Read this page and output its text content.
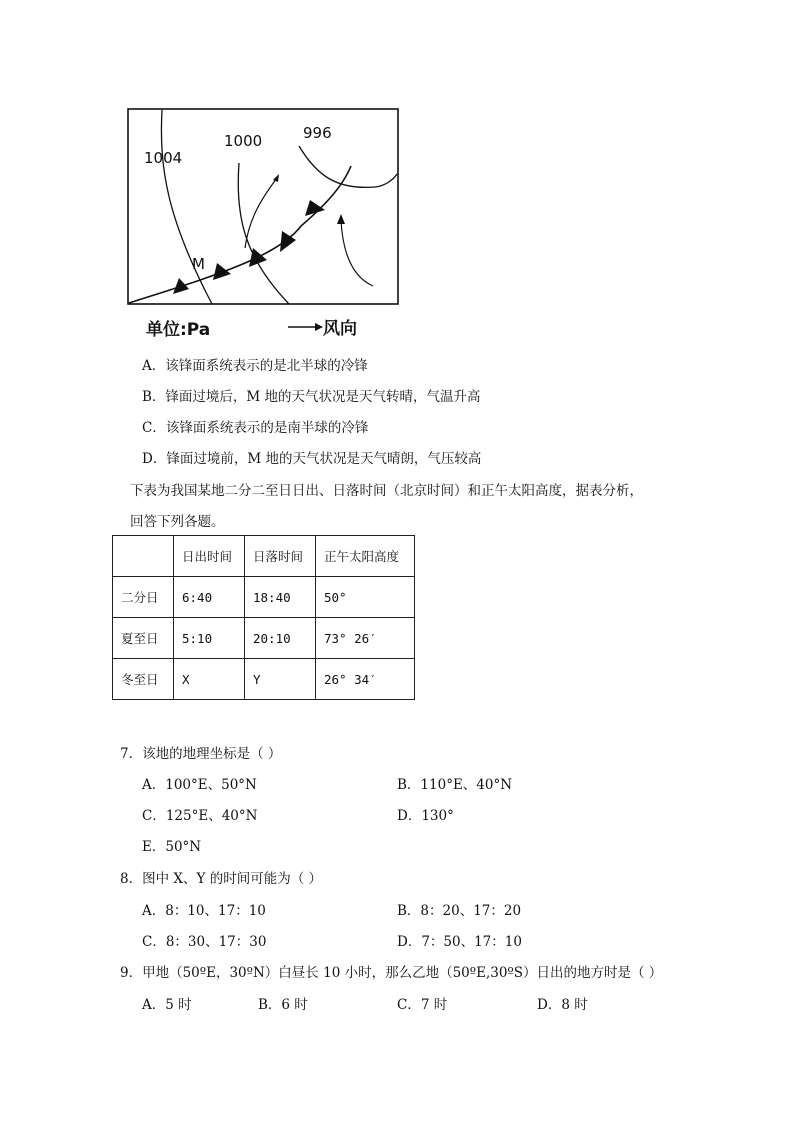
1004
1000	996
M
单位:Pa	风向
A．该锋面系统表示的是北半球的冷锋
B．锋面过境后，M 地的天气状况是天气转晴，气温升高
C．该锋面系统表示的是南半球的冷锋
D．锋面过境前，M 地的天气状况是天气晴朗，气压较高
下表为我国某地二分二至日日出、日落时间（北京时间）和正午太阳高度，据表分析，
回答下列各题。
	日出时间	日落时间	正午太阳高度
二分日	6:40	18:40	50°
夏至日	5:10	20:10	73° 26′
冬至日	X	Y	26° 34′
7．该地的地理坐标是（ ）
A．100°E、50°N	B．110°E、40°N
C．125°E、40°N	D．130°
E．50°N
8．图中 X、Y 的时间可能为（ ）
A．8：10、17：10	B．8：20、17：20
C．8：30、17：30	D．7：50、17：10
9．甲地（50ºE，30ºN）白昼长 10 小时，那么乙地（50ºE,30ºS）日出的地方时是（ ）
A．5 时	B．6 时	C．7 时	D．8 时
